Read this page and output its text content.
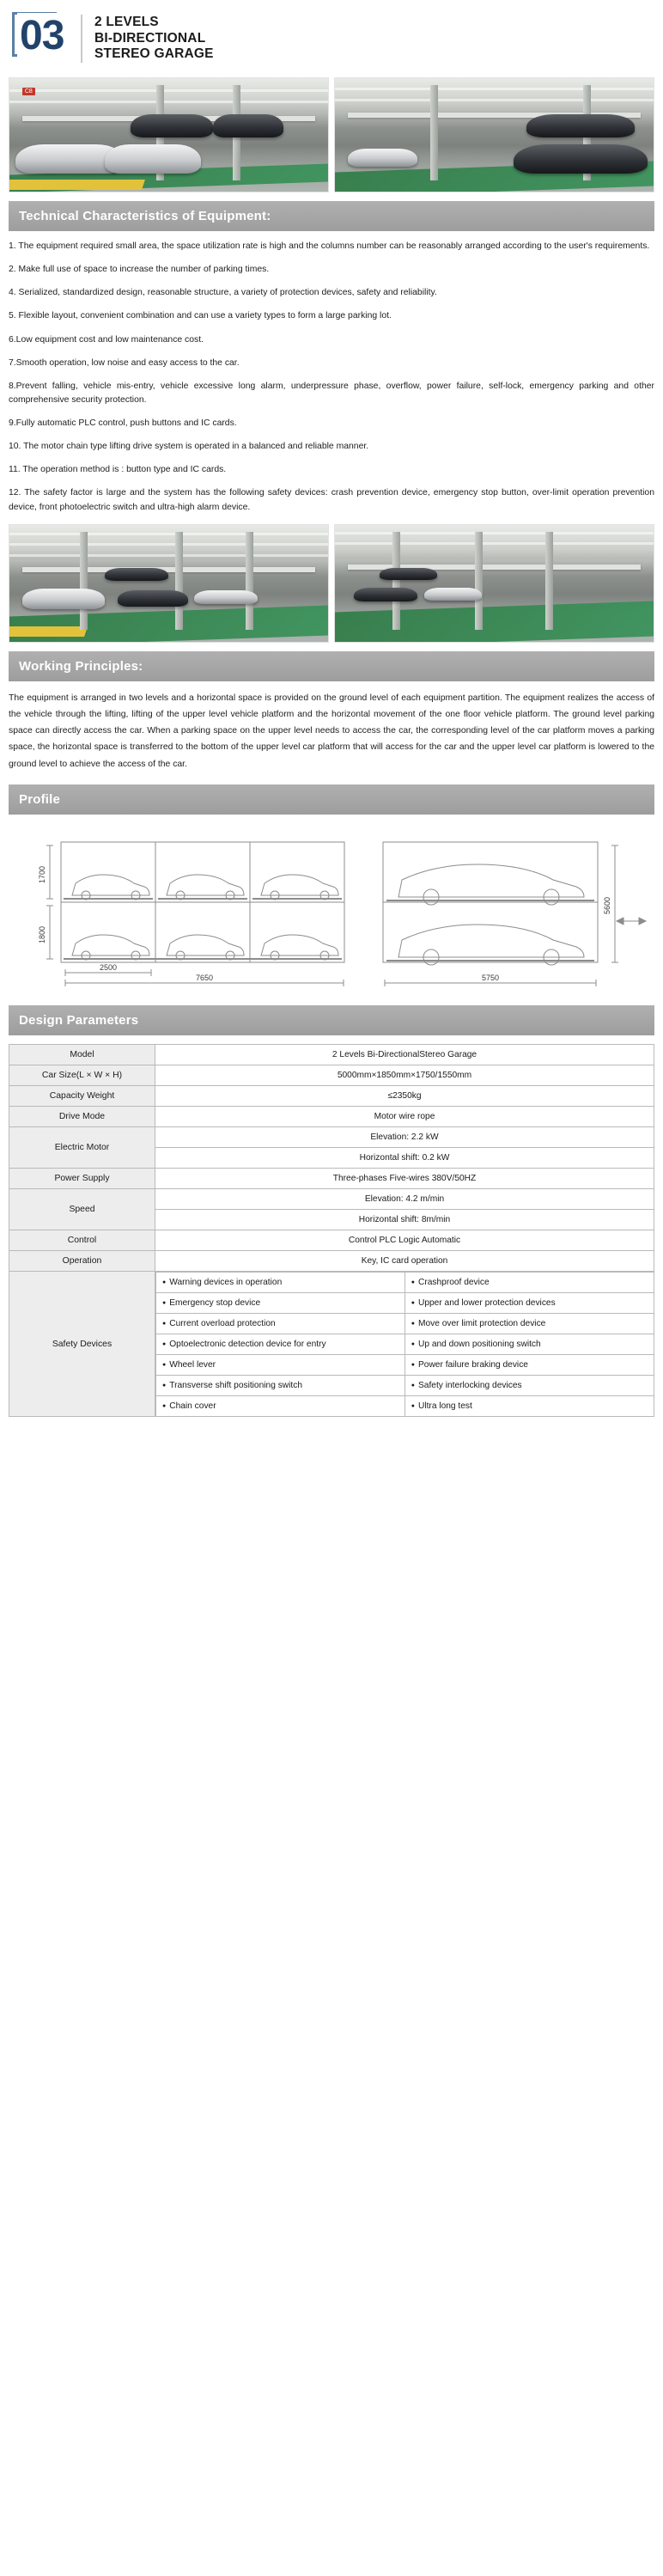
03 2 LEVELS
BI-DIRECTIONAL
STEREO GARAGE
C8
Technical Characteristics of Equipment:

1. The equipment required small area, the space utilization rate is high and the columns number can be reasonably arranged according to the user's requirements.

2. Make full use of space to increase the number of parking times.

4. Serialized, standardized design, reasonable structure, a variety of protection devices, safety and reliability.

5. Flexible layout, convenient combination and can use a variety types to form a large parking lot.

6.Low equipment cost and low maintenance cost.

7.Smooth operation, low noise and easy access to the car.

8.Prevent falling, vehicle mis-entry, vehicle excessive long alarm, underpressure phase, overflow, power failure, self-lock, emergency parking and other comprehensive security protection.

9.Fully automatic PLC control, push buttons and IC cards.

10. The motor chain type lifting drive system is operated in a balanced and reliable manner.

11. The operation method is : button type and IC cards.

12. The safety factor is large and the system has the following safety devices: crash prevention device, emergency stop button, over-limit operation prevention device, front photoelectric switch and ultra-high alarm device.

Working Principles:

The equipment is arranged in two levels and a horizontal space is provided on the ground level of each equipment partition. The equipment realizes the access of the vehicle through the lifting, lifting of the upper level vehicle platform and the horizontal movement of the one floor vehicle platform. The ground level parking space can directly access the car. When a parking space on the upper level needs to access the car, the corresponding level of the car platform moves a parking space, the horizontal space is transferred to the bottom of the upper level car platform that will access for the car and the upper level car platform is lowered to the ground level to achieve the access of the car.

Profile
1700
1800
5600
2500
7650	5750
Design Parameters
Model	2 Levels Bi-DirectionalStereo Garage
Car Size(L × W × H)	5000mm×1850mm×1750/1550mm
Capacity Weight	≤2350kg
Drive Mode	Motor wire rope
Electric Motor	Elevation: 2.2 kW
Horizontal shift: 0.2 kW
Power Supply	Three-phases Five-wires 380V/50HZ
Speed	Elevation: 4.2 m/min
Horizontal shift: 8m/min
Control	Control PLC Logic Automatic
Operation	Key, IC card operation
Safety Devices	
● Warning devices in operation	●Crashproof device
● Emergency stop device	●Upper and lower protection devices
● Current overload protection	●Move over limit protection device
● Optoelectronic detection device for entry	●Up and down positioning switch
● Wheel lever	●Power failure braking device
● Transverse shift positioning switch	●Safety interlocking devices
● Chain cover	●Ultra long test
